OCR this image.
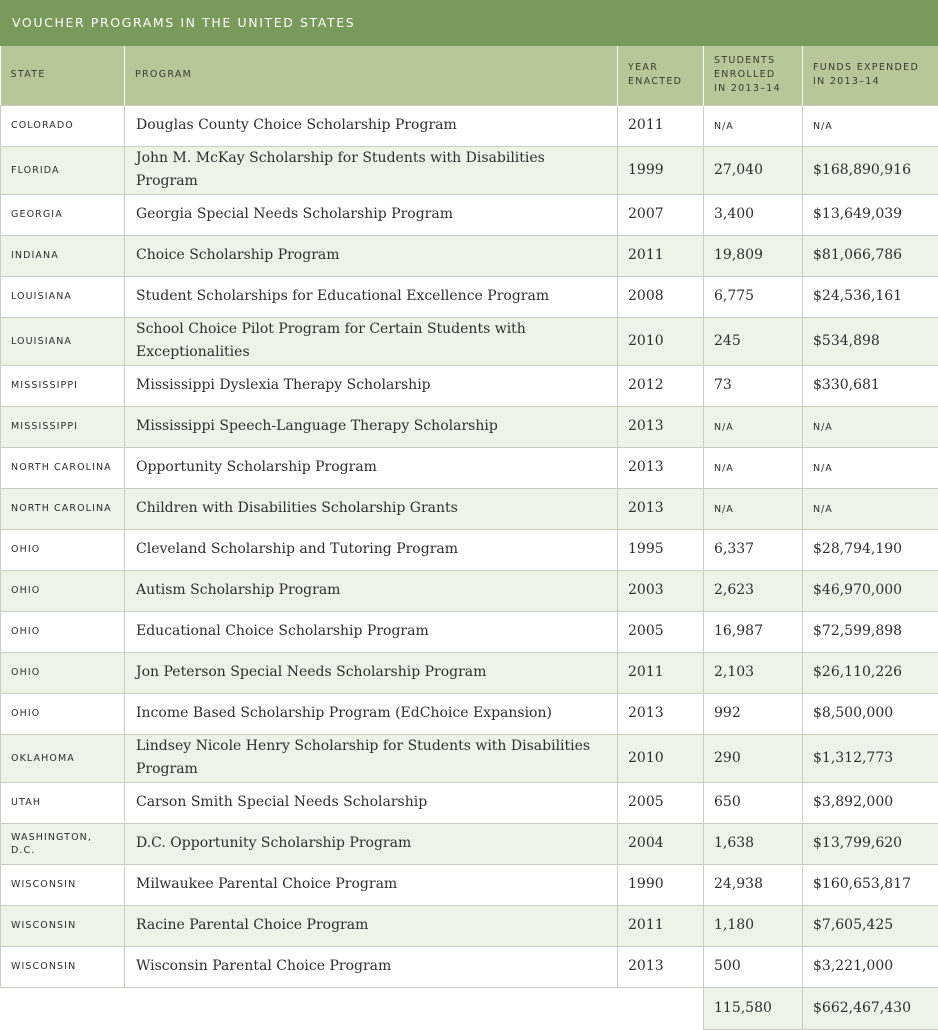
VOUCHER PROGRAMS IN THE UNITED STATES
STATE	PROGRAM	YEAR ENACTED	STUDENTS ENROLLED IN 2013–14	FUNDS EXPENDED IN 2013–14
COLORADO	Douglas County Choice Scholarship Program	2011	N/A	N/A
FLORIDA	John M. McKay Scholarship for Students with Disabilities Program	1999	27,040	$168,890,916
GEORGIA	Georgia Special Needs Scholarship Program	2007	3,400	$13,649,039
INDIANA	Choice Scholarship Program	2011	19,809	$81,066,786
LOUISIANA	Student Scholarships for Educational Excellence Program	2008	6,775	$24,536,161
LOUISIANA	School Choice Pilot Program for Certain Students with Exceptionalities	2010	245	$534,898
MISSISSIPPI	Mississippi Dyslexia Therapy Scholarship	2012	73	$330,681
MISSISSIPPI	Mississippi Speech-Language Therapy Scholarship	2013	N/A	N/A
NORTH CAROLINA	Opportunity Scholarship Program	2013	N/A	N/A
NORTH CAROLINA	Children with Disabilities Scholarship Grants	2013	N/A	N/A
OHIO	Cleveland Scholarship and Tutoring Program	1995	6,337	$28,794,190
OHIO	Autism Scholarship Program	2003	2,623	$46,970,000
OHIO	Educational Choice Scholarship Program	2005	16,987	$72,599,898
OHIO	Jon Peterson Special Needs Scholarship Program	2011	2,103	$26,110,226
OHIO	Income Based Scholarship Program (EdChoice Expansion)	2013	992	$8,500,000
OKLAHOMA	Lindsey Nicole Henry Scholarship for Students with Disabilities Program	2010	290	$1,312,773
UTAH	Carson Smith Special Needs Scholarship	2005	650	$3,892,000
WASHINGTON, D.C.	D.C. Opportunity Scholarship Program	2004	1,638	$13,799,620
WISCONSIN	Milwaukee Parental Choice Program	1990	24,938	$160,653,817
WISCONSIN	Racine Parental Choice Program	2011	1,180	$7,605,425
WISCONSIN	Wisconsin Parental Choice Program	2013	500	$3,221,000
			115,580	$662,467,430
